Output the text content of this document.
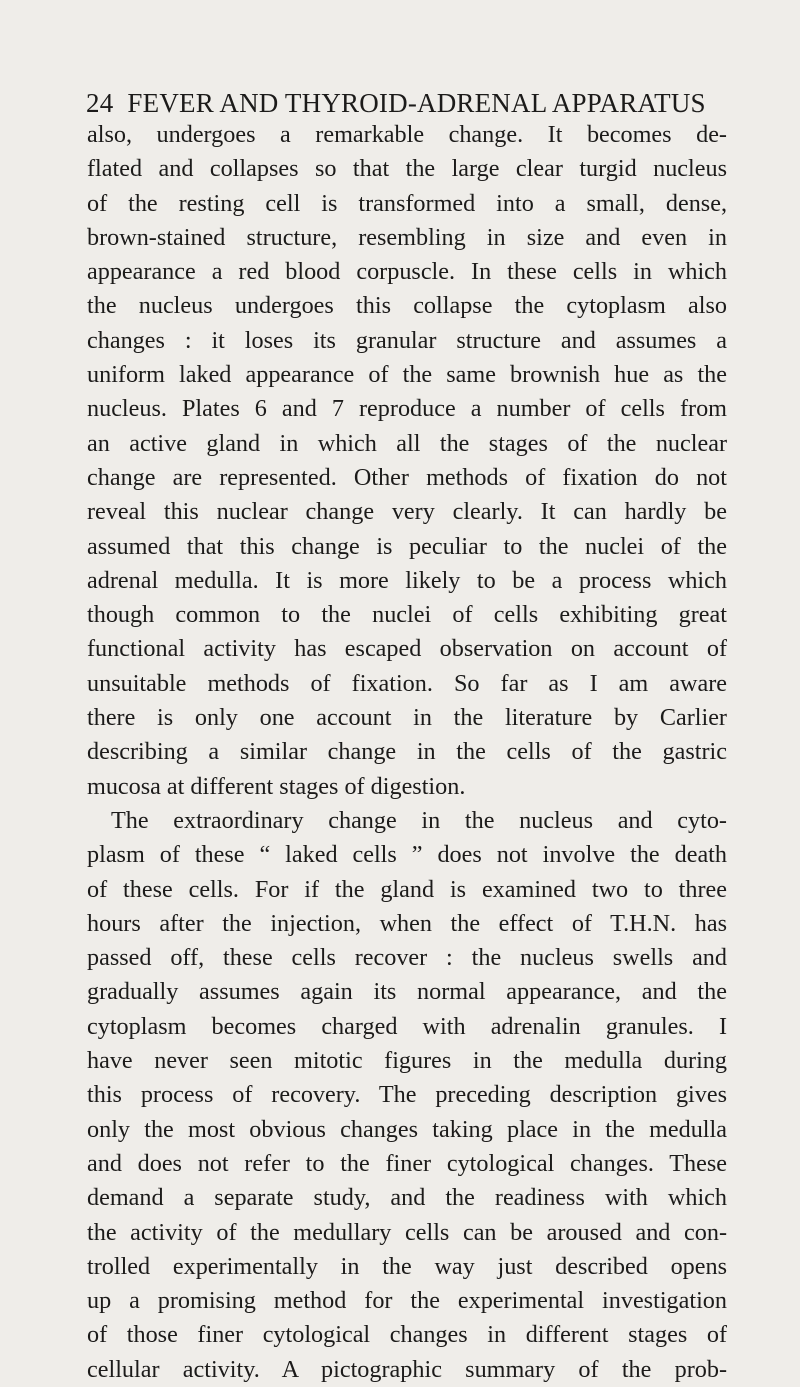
24 FEVER AND THYROID-ADRENAL APPARATUS
also, undergoes a remarkable change. It becomes de-
flated and collapses so that the large clear turgid nucleus
of the resting cell is transformed into a small, dense,
brown-stained structure, resembling in size and even in
appearance a red blood corpuscle. In these cells in which
the nucleus undergoes this collapse the cytoplasm also
changes : it loses its granular structure and assumes a
uniform laked appearance of the same brownish hue as the
nucleus. Plates 6 and 7 reproduce a number of cells from
an active gland in which all the stages of the nuclear
change are represented. Other methods of fixation do not
reveal this nuclear change very clearly. It can hardly be
assumed that this change is peculiar to the nuclei of the
adrenal medulla. It is more likely to be a process which
though common to the nuclei of cells exhibiting great
functional activity has escaped observation on account of
unsuitable methods of fixation. So far as I am aware
there is only one account in the literature by Carlier
describing a similar change in the cells of the gastric
mucosa at different stages of digestion.
The extraordinary change in the nucleus and cyto-
plasm of these “ laked cells ” does not involve the death
of these cells. For if the gland is examined two to three
hours after the injection, when the effect of T.H.N. has
passed off, these cells recover : the nucleus swells and
gradually assumes again its normal appearance, and the
cytoplasm becomes charged with adrenalin granules. I
have never seen mitotic figures in the medulla during
this process of recovery. The preceding description gives
only the most obvious changes taking place in the medulla
and does not refer to the finer cytological changes. These
demand a separate study, and the readiness with which
the activity of the medullary cells can be aroused and con-
trolled experimentally in the way just described opens
up a promising method for the experimental investigation
of those finer cytological changes in different stages of
cellular activity. A pictographic summary of the prob-
